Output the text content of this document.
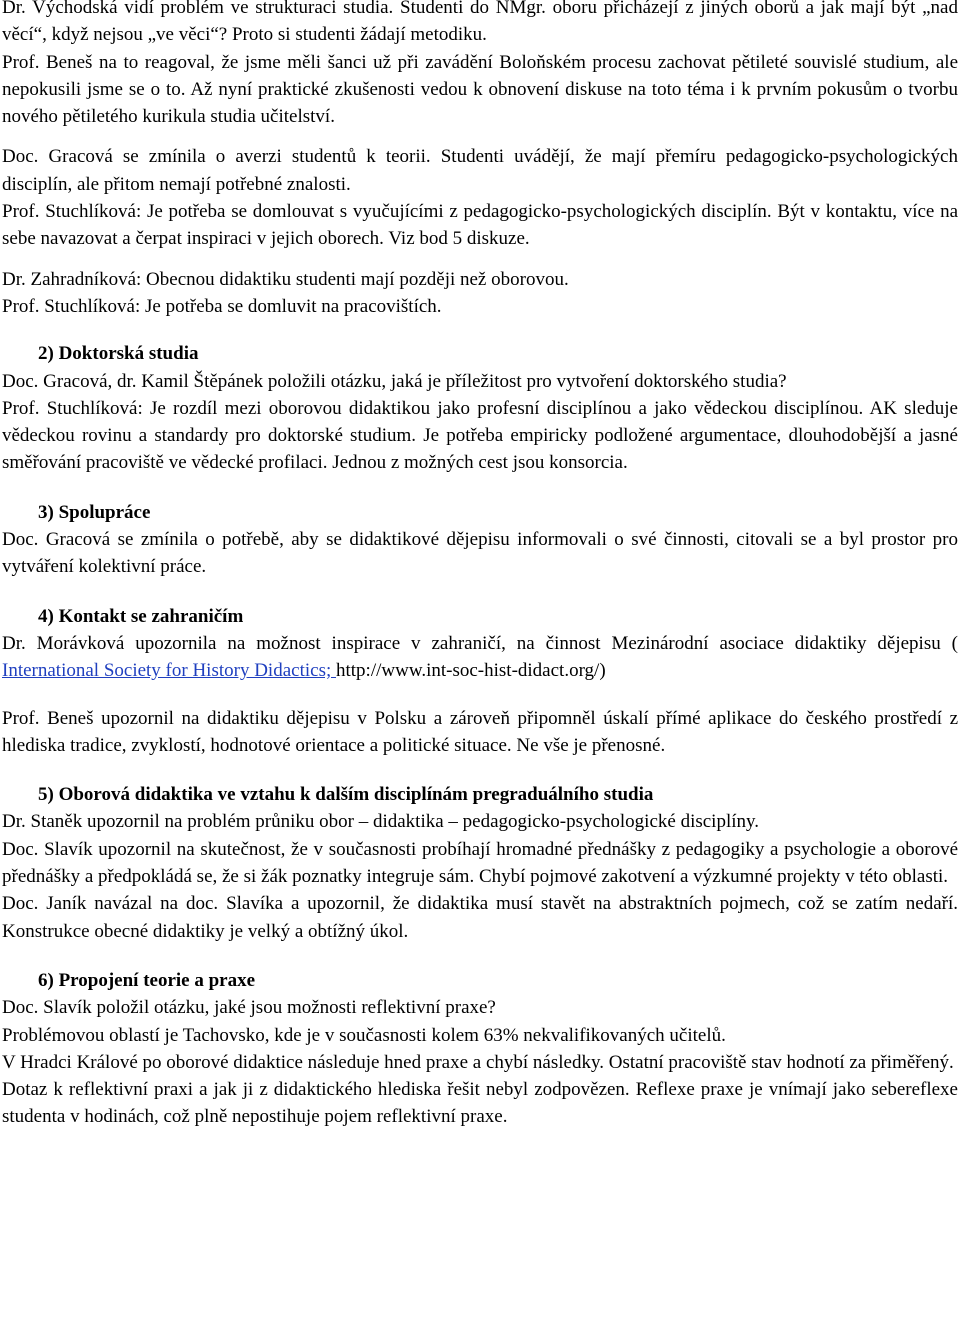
Dr. Východská vidí problém ve strukturaci studia. Studenti do NMgr. oboru přicházejí z jiných oborů a jak mají být „nad věcí“, když nejsou „ve věci“? Proto si studenti žádají metodiku.

Prof. Beneš na to reagoval, že jsme měli šanci už při zavádění Boloňském procesu zachovat pětileté souvislé studium, ale nepokusili jsme se o to. Až nyní praktické zkušenosti vedou k obnovení diskuse na toto téma i k prvním pokusům o tvorbu nového pětiletého kurikula studia učitelství.

Doc. Gracová se zmínila o averzi studentů k teorii. Studenti uvádějí, že mají přemíru pedagogicko-psychologických disciplín, ale přitom nemají potřebné znalosti.

Prof. Stuchlíková: Je potřeba se domlouvat s vyučujícími z pedagogicko-psychologických disciplín. Být v kontaktu, více na sebe navazovat a čerpat inspiraci v jejich oborech. Viz bod 5 diskuze.

Dr. Zahradníková: Obecnou didaktiku studenti mají později než oborovou.

Prof. Stuchlíková: Je potřeba se domluvit na pracovištích.

2) Doktorská studia

Doc. Gracová, dr. Kamil Štěpánek položili otázku, jaká je příležitost pro vytvoření doktorského studia?

Prof. Stuchlíková: Je rozdíl mezi oborovou didaktikou jako profesní disciplínou a jako vědeckou disciplínou. AK sleduje vědeckou rovinu a standardy pro doktorské studium. Je potřeba empiricky podložené argumentace, dlouhodobější a jasné směřování pracoviště ve vědecké profilaci. Jednou z možných cest jsou konsorcia.

3) Spolupráce

Doc. Gracová se zmínila o potřebě, aby se didaktikové dějepisu informovali o své činnosti, citovali se a byl prostor pro vytváření kolektivní práce.

4) Kontakt se zahraničím

Dr. Morávková upozornila na možnost inspirace v zahraničí, na činnost Mezinárodní asociace didaktiky dějepisu ( International Society for History Didactics; http://www.int-soc-hist-didact.org/)

Prof. Beneš upozornil na didaktiku dějepisu v Polsku a zároveň připomněl úskalí přímé aplikace do českého prostředí z hlediska tradice, zvyklostí, hodnotové orientace a politické situace. Ne vše je přenosné.

5) Oborová didaktika ve vztahu k dalším disciplínám pregraduálního studia

Dr. Staněk upozornil na problém průniku obor – didaktika – pedagogicko-psychologické disciplíny.

Doc. Slavík upozornil na skutečnost, že v současnosti probíhají hromadné přednášky z pedagogiky a psychologie a oborové přednášky a předpokládá se, že si žák poznatky integruje sám. Chybí pojmové zakotvení a výzkumné projekty v této oblasti.

Doc. Janík navázal na doc. Slavíka a upozornil, že didaktika musí stavět na abstraktních pojmech, což se zatím nedaří. Konstrukce obecné didaktiky je velký a obtížný úkol.

6) Propojení teorie a praxe

Doc. Slavík položil otázku, jaké jsou možnosti reflektivní praxe?

Problémovou oblastí je Tachovsko, kde je v současnosti kolem 63% nekvalifikovaných učitelů.

V Hradci Králové po oborové didaktice následuje hned praxe a chybí následky. Ostatní pracoviště stav hodnotí za přiměřený.

Dotaz k reflektivní praxi a jak ji z didaktického hlediska řešit nebyl zodpovězen. Reflexe praxe je vnímají jako sebereflexe studenta v hodinách, což plně nepostihuje pojem reflektivní praxe.
